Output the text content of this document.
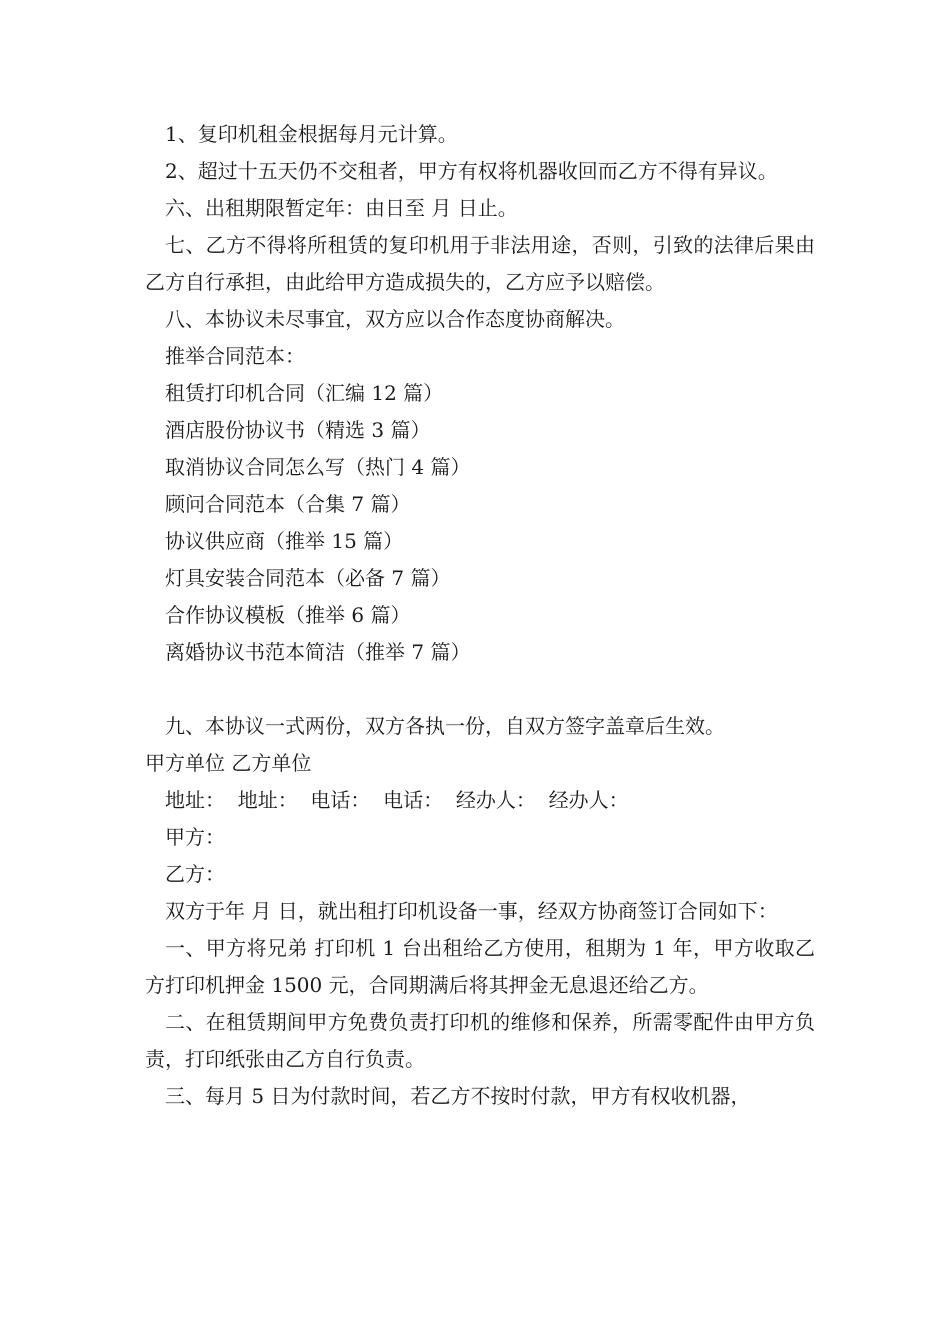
1、复印机租金根据每月元计算。

2、超过十五天仍不交租者，甲方有权将机器收回而乙方不得有异议。

六、出租期限暂定年：由日至 月 日止。

七、乙方不得将所租赁的复印机用于非法用途，否则，引致的法律后果由乙方自行承担，由此给甲方造成损失的，乙方应予以赔偿。

八、本协议未尽事宜，双方应以合作态度协商解决。

推举合同范本：

租赁打印机合同（汇编 12 篇）

酒店股份协议书（精选 3 篇）

取消协议合同怎么写（热门 4 篇）

顾问合同范本（合集 7 篇）

协议供应商（推举 15 篇）

灯具安装合同范本（必备 7 篇）

合作协议模板（推举 6 篇）

离婚协议书范本简洁（推举 7 篇）

九、本协议一式两份，双方各执一份，自双方签字盖章后生效。

甲方单位 乙方单位

地址：  地址：  电话：  电话：  经办人：  经办人：

甲方：

乙方：

双方于年 月 日，就出租打印机设备一事，经双方协商签订合同如下：

一、甲方将兄弟 打印机 1 台出租给乙方使用，租期为 1 年，甲方收取乙方打印机押金 1500 元，合同期满后将其押金无息退还给乙方。

二、在租赁期间甲方免费负责打印机的维修和保养，所需零配件由甲方负责，打印纸张由乙方自行负责。

三、每月 5 日为付款时间，若乙方不按时付款，甲方有权收机器，
